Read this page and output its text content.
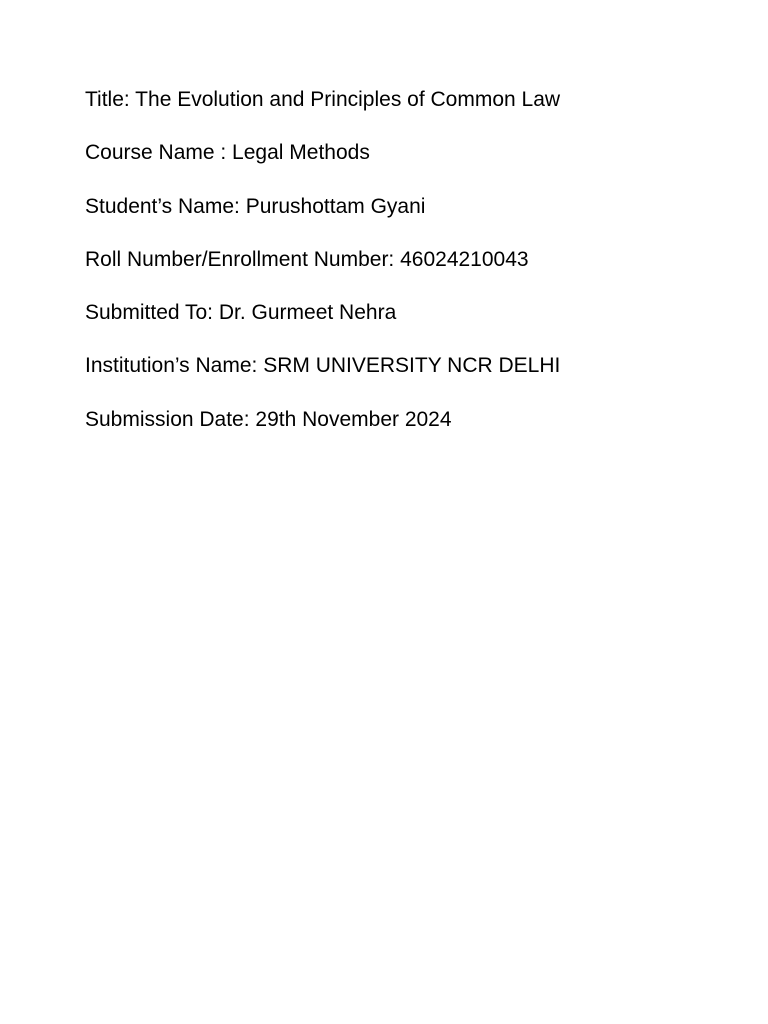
Title: The Evolution and Principles of Common Law
Course Name : Legal Methods
Student’s Name: Purushottam Gyani
Roll Number/Enrollment Number: 46024210043
Submitted To: Dr. Gurmeet Nehra
Institution’s Name: SRM UNIVERSITY NCR DELHI
Submission Date: 29th November 2024
